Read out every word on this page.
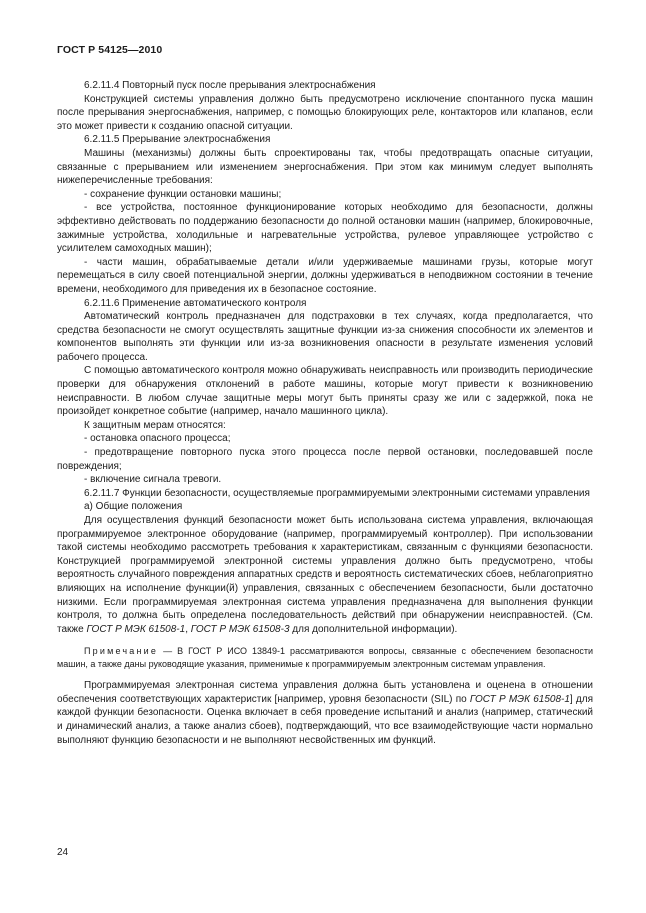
ГОСТ Р 54125—2010

6.2.11.4 Повторный пуск после прерывания электроснабжения

Конструкцией системы управления должно быть предусмотрено исключение спонтанного пуска машин после прерывания энергоснабжения, например, с помощью блокирующих реле, контакторов или клапанов, если это может привести к созданию опасной ситуации.

6.2.11.5 Прерывание электроснабжения

Машины (механизмы) должны быть спроектированы так, чтобы предотвращать опасные ситуации, связанные с прерыванием или изменением энергоснабжения. При этом как минимум следует выполнять нижеперечисленные требования:

- сохранение функции остановки машины;

- все устройства, постоянное функционирование которых необходимо для безопасности, должны эффективно действовать по поддержанию безопасности до полной остановки машин (например, блокировочные, зажимные устройства, холодильные и нагревательные устройства, рулевое управляющее устройство с усилителем самоходных машин);

- части машин, обрабатываемые детали и/или удерживаемые машинами грузы, которые могут перемещаться в силу своей потенциальной энергии, должны удерживаться в неподвижном состоянии в течение времени, необходимого для приведения их в безопасное состояние.

6.2.11.6 Применение автоматического контроля

Автоматический контроль предназначен для подстраховки в тех случаях, когда предполагается, что средства безопасности не смогут осуществлять защитные функции из-за снижения способности их элементов и компонентов выполнять эти функции или из-за возникновения опасности в результате изменения условий рабочего процесса.

С помощью автоматического контроля можно обнаруживать неисправность или производить периодические проверки для обнаружения отклонений в работе машины, которые могут привести к возникновению неисправности. В любом случае защитные меры могут быть приняты сразу же или с задержкой, пока не произойдет конкретное событие (например, начало машинного цикла).

К защитным мерам относятся:

- остановка опасного процесса;

- предотвращение повторного пуска этого процесса после первой остановки, последовавшей после повреждения;

- включение сигнала тревоги.

6.2.11.7 Функции безопасности, осуществляемые программируемыми электронными системами управления

а) Общие положения

Для осуществления функций безопасности может быть использована система управления, включающая программируемое электронное оборудование (например, программируемый контроллер). При использовании такой системы необходимо рассмотреть требования к характеристикам, связанным с функциями безопасности. Конструкцией программируемой электронной системы управления должно быть предусмотрено, чтобы вероятность случайного повреждения аппаратных средств и вероятность систематических сбоев, неблагоприятно влияющих на исполнение функции(й) управления, связанных с обеспечением безопасности, были достаточно низкими. Если программируемая электронная система управления предназначена для выполнения функции контроля, то должна быть определена последовательность действий при обнаружении неисправностей. (См. также ГОСТ Р МЭК 61508-1, ГОСТ Р МЭК 61508-3 для дополнительной информации).

Примечание — В ГОСТ Р ИСО 13849-1 рассматриваются вопросы, связанные с обеспечением безопасности машин, а также даны руководящие указания, применимые к программируемым электронным системам управления.

Программируемая электронная система управления должна быть установлена и оценена в отношении обеспечения соответствующих характеристик [например, уровня безопасности (SIL) по ГОСТ Р МЭК 61508-1] для каждой функции безопасности. Оценка включает в себя проведение испытаний и анализ (например, статический и динамический анализ, а также анализ сбоев), подтверждающий, что все взаимодействующие части нормально выполняют функцию безопасности и не выполняют несвойственных им функций.

24
